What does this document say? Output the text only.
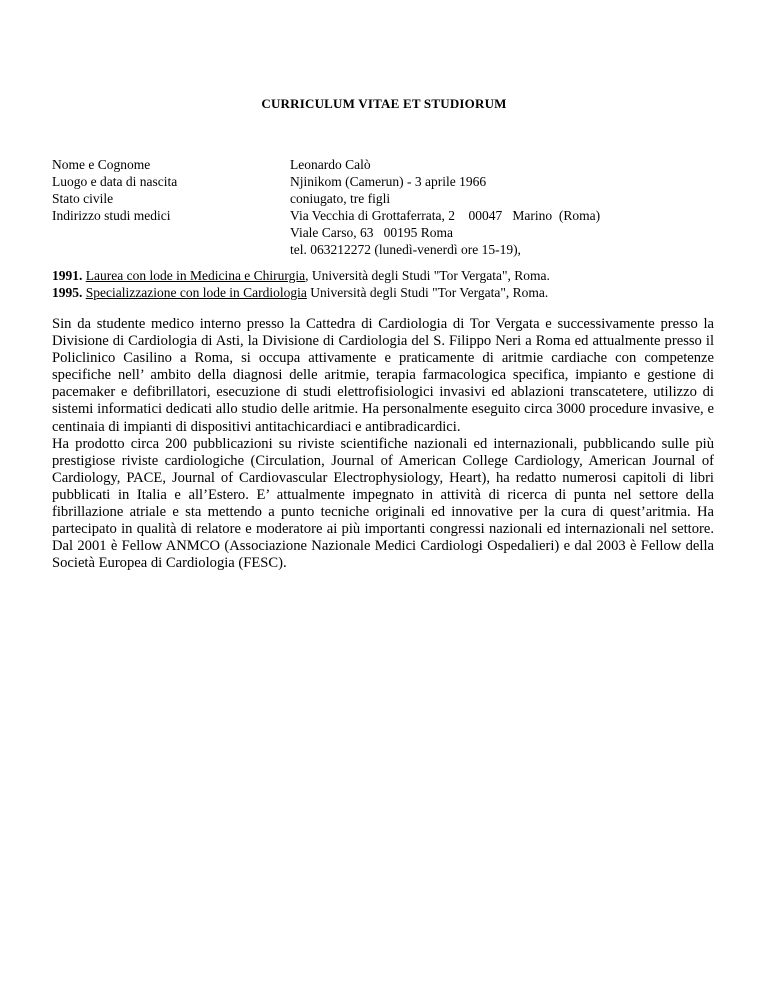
CURRICULUM VITAE ET STUDIORUM
Nome e Cognome	Leonardo Calò
Luogo e data di nascita	Njinikom (Camerun) - 3 aprile 1966
Stato civile	coniugato, tre figli
Indirizzo studi medici	Via Vecchia di Grottaferrata, 2    00047   Marino  (Roma)
Viale Carso, 63   00195 Roma
tel. 063212272 (lunedì-venerdì ore 15-19),
1991. Laurea con lode in Medicina e Chirurgia, Università degli Studi "Tor Vergata", Roma.
1995. Specializzazione con lode in Cardiologia Università degli Studi "Tor Vergata", Roma.

Sin da studente medico interno presso la Cattedra di Cardiologia di Tor Vergata e successivamente presso la Divisione di Cardiologia di Asti, la Divisione di Cardiologia del S. Filippo Neri a Roma ed attualmente presso il Policlinico Casilino a Roma, si occupa attivamente e praticamente di aritmie cardiache con competenze specifiche nell’ ambito della diagnosi delle aritmie, terapia farmacologica specifica, impianto e gestione di pacemaker e defibrillatori, esecuzione di studi elettrofisiologici invasivi ed ablazioni transcatetere, utilizzo di sistemi informatici dedicati allo studio delle aritmie. Ha personalmente eseguito circa 3000 procedure invasive, e centinaia di impianti di dispositivi antitachicardiaci e antibradicardici.

Ha prodotto circa 200 pubblicazioni su riviste scientifiche nazionali ed internazionali, pubblicando sulle più prestigiose riviste cardiologiche (Circulation, Journal of American College Cardiology, American Journal of Cardiology, PACE, Journal of Cardiovascular Electrophysiology, Heart), ha redatto numerosi capitoli di libri pubblicati in Italia e all’Estero. E’ attualmente impegnato in attività di ricerca di punta nel settore della fibrillazione atriale e sta mettendo a punto tecniche originali ed innovative per la cura di quest’aritmia. Ha partecipato in qualità di relatore e moderatore ai più importanti congressi nazionali ed internazionali nel settore. Dal 2001 è Fellow ANMCO (Associazione Nazionale Medici Cardiologi Ospedalieri) e dal 2003 è Fellow della Società Europea di Cardiologia (FESC).
